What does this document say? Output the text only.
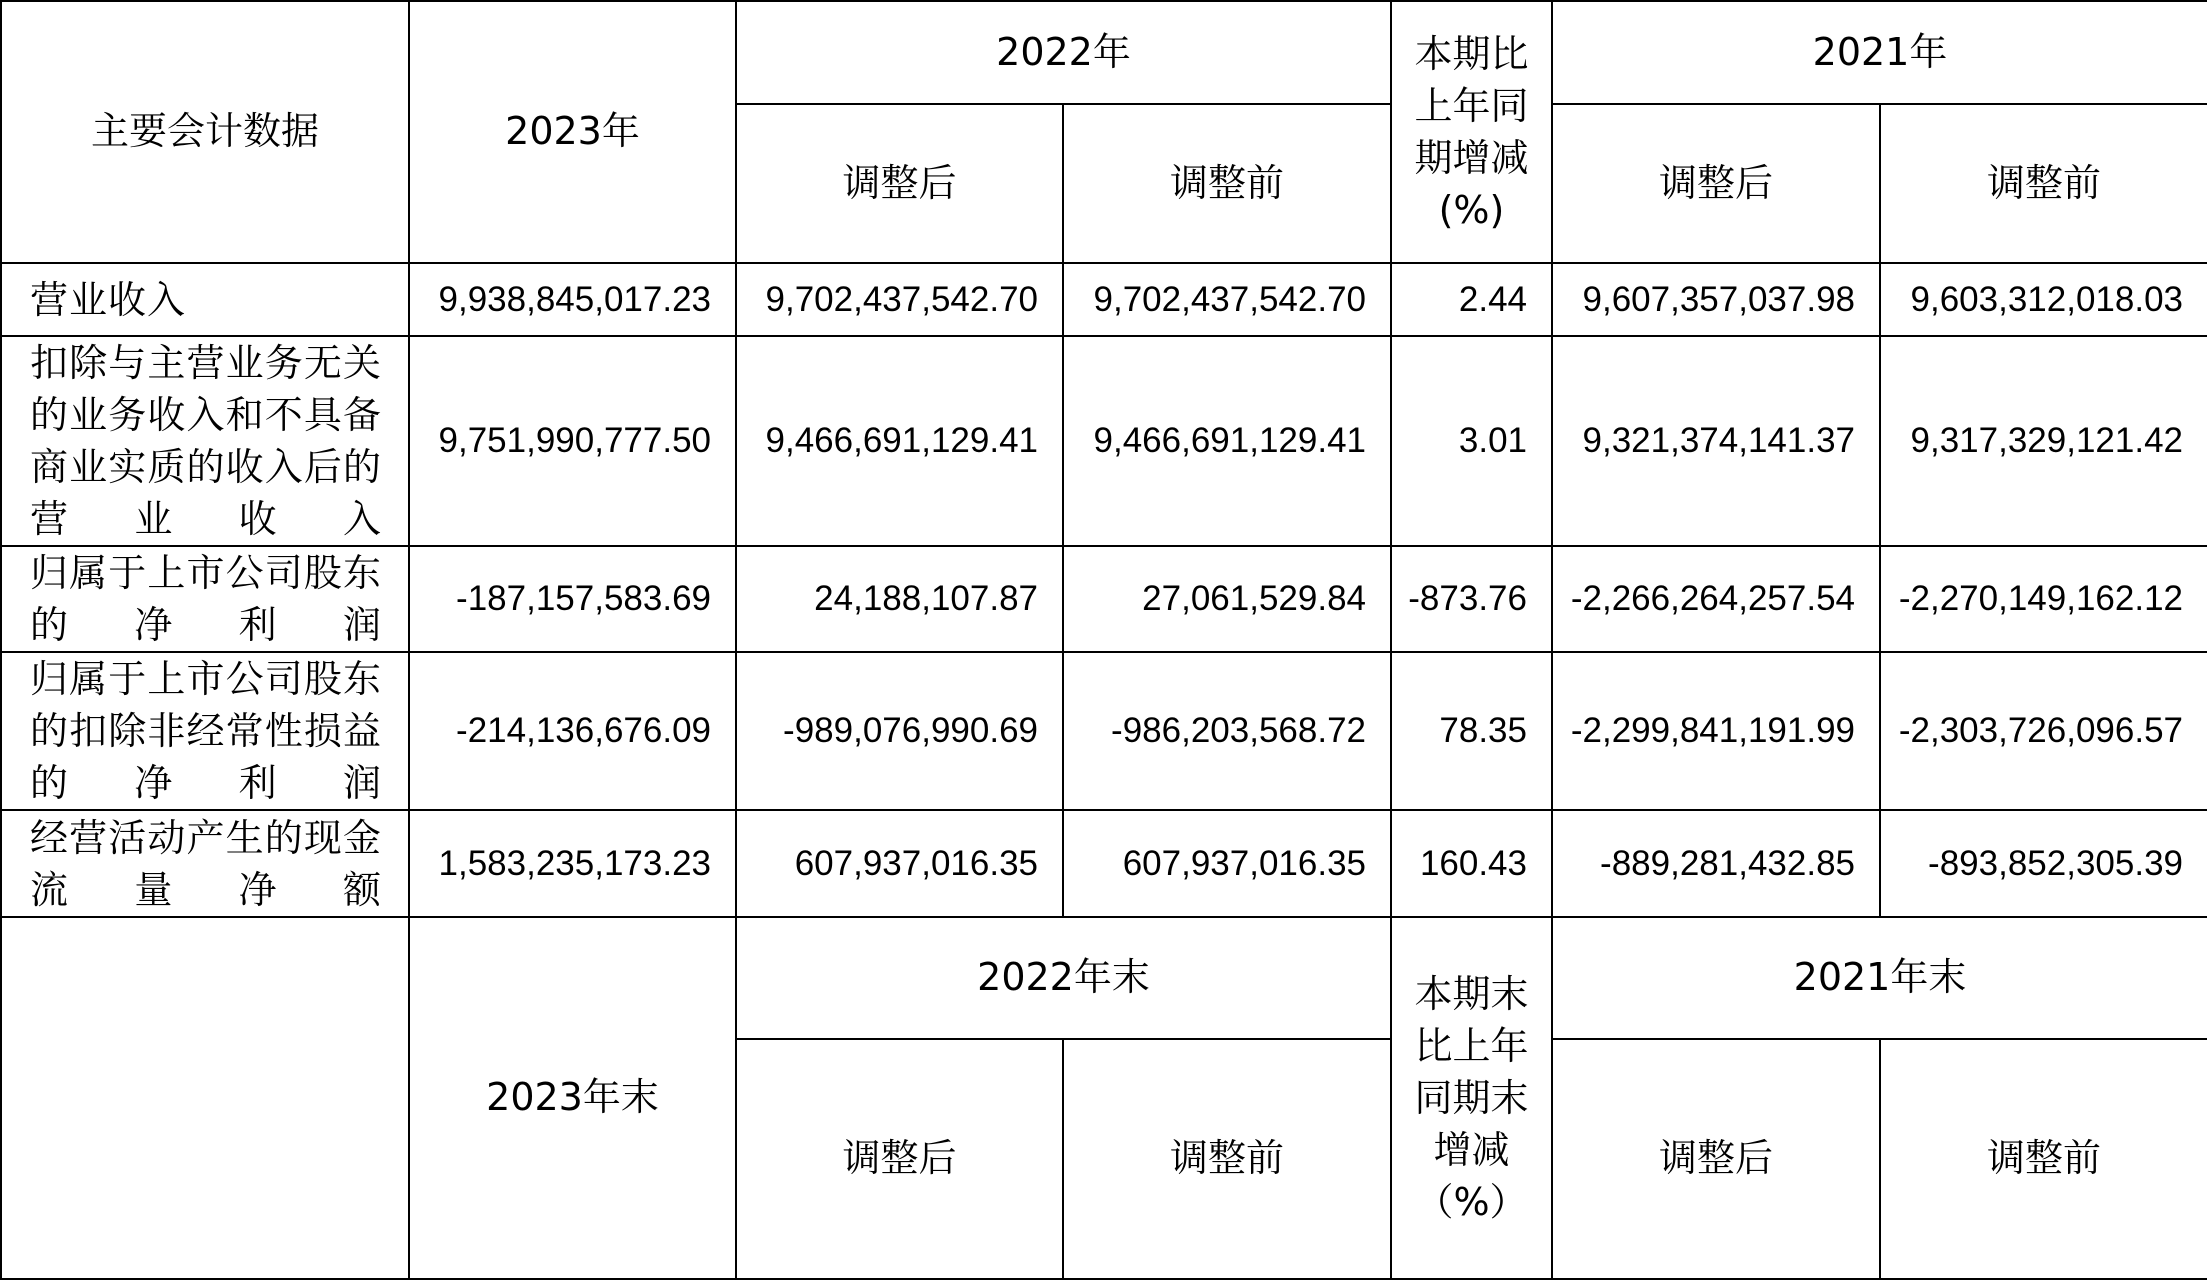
主要会计数据	2023年	2022年		本期比上年同期增减(%)	2021年	
		调整后	调整前		调整后	调整前
营业收入	9,938,845,017.23	9,702,437,542.70	9,702,437,542.70	2.44	9,607,357,037.98	9,603,312,018.03
扣除与主营业务无关的业务收入和不具备商业实质的收入后的营业收入	9,751,990,777.50	9,466,691,129.41	9,466,691,129.41	3.01	9,321,374,141.37	9,317,329,121.42
归属于上市公司股东的净利润	-187,157,583.69	24,188,107.87	27,061,529.84	-873.76	-2,266,264,257.54	-2,270,149,162.12
归属于上市公司股东的扣除非经常性损益的净利润	-214,136,676.09	-989,076,990.69	-986,203,568.72	78.35	-2,299,841,191.99	-2,303,726,096.57
经营活动产生的现金流量净额	1,583,235,173.23	607,937,016.35	607,937,016.35	160.43	-889,281,432.85	-893,852,305.39
	2023年末	2022年末		本期末比上年同期末增减（%）	2021年末	
		调整后	调整前		调整后	调整前
